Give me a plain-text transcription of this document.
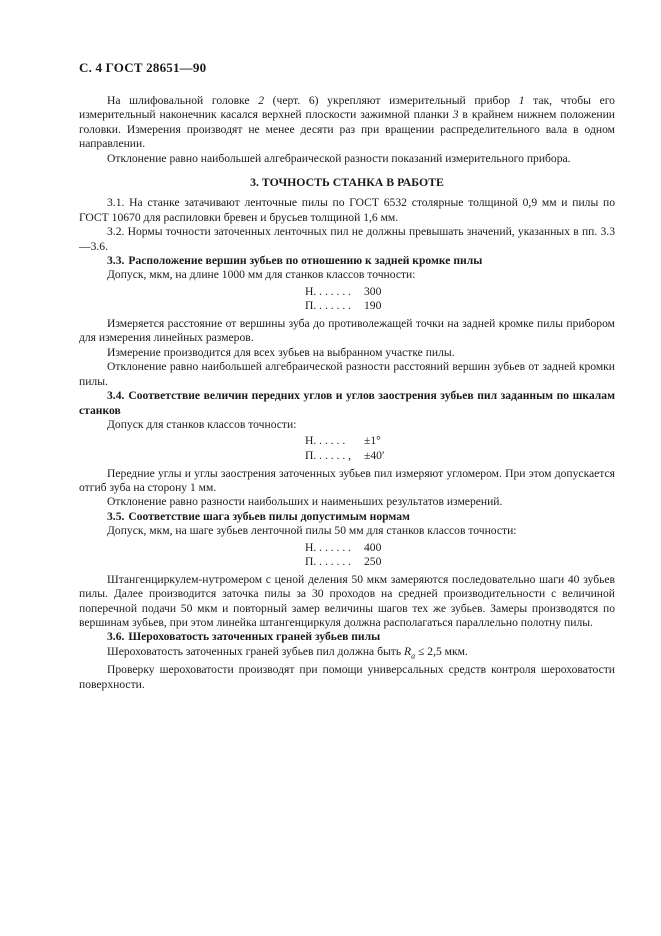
С. 4 ГОСТ 28651—90

На шлифовальной головке 2 (черт. 6) укрепляют измерительный прибор 1 так, чтобы его измерительный наконечник касался верхней плоскости зажимной планки 3 в крайнем нижнем положении головки. Измерения производят не менее десяти раз при вращении распределительного вала в одном направлении.

Отклонение равно наибольшей алгебраической разности показаний измерительного прибора.

3. ТОЧНОСТЬ СТАНКА В РАБОТЕ

3.1. На станке затачивают ленточные пилы по ГОСТ 6532 столярные толщиной 0,9 мм и пилы по ГОСТ 10670 для распиловки бревен и брусьев толщиной 1,6 мм.

3.2. Нормы точности заточенных ленточных пил не должны превышать значений, указанных в пп. 3.3—3.6.

3.3. Расположение вершин зубьев по отношению к задней кромке пилы

Допуск, мкм, на длине 1000 мм для станков классов точности:

Н. . . . . . .	300
П. . . . . . .	190

Измеряется расстояние от вершины зуба до противолежащей точки на задней кромке пилы прибором для измерения линейных размеров.

Измерение производится для всех зубьев на выбранном участке пилы.

Отклонение равно наибольшей алгебраической разности расстояний вершин зубьев от задней кромки пилы.

3.4. Соответствие величин передних углов и углов заострения зубьев пил заданным по шкалам станков

Допуск для станков классов точности:

Н. . . . . .	±1°
П. . . . . . ,	±40′

Передние углы и углы заострения заточенных зубьев пил измеряют угломером. При этом допускается отгиб зуба на сторону 1 мм.

Отклонение равно разности наибольших и наименьших результатов измерений.

3.5. Соответствие шага зубьев пилы допустимым нормам

Допуск, мкм, на шаге зубьев ленточной пилы 50 мм для станков классов точности:

Н. . . . . . .	400
П. . . . . . .	250

Штангенциркулем-нутромером с ценой деления 50 мкм замеряются последовательно шаги 40 зубьев пилы. Далее производится заточка пилы за 30 проходов на средней производительности с величиной поперечной подачи 50 мкм и повторный замер величины шагов тех же зубьев. Замеры производятся по вершинам зубьев, при этом линейка штангенциркуля должна располагаться параллельно полотну пилы.

3.6. Шероховатость заточенных граней зубьев пилы

Шероховатость заточенных граней зубьев пил должна быть $R_a \le 2,5$ мкм.

Проверку шероховатости производят при помощи универсальных средств контроля шероховатости поверхности.
